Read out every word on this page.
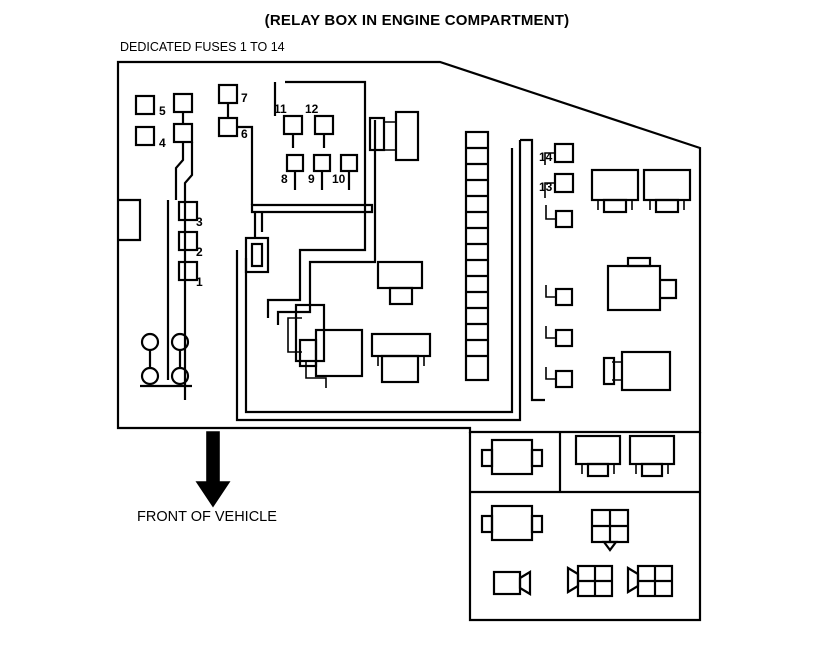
(RELAY BOX IN ENGINE COMPARTMENT)
DEDICATED FUSES 1 TO 14
FRONT OF VEHICLE
1
2
3
4
5
6
7
8 9 10
11 12
13
14
